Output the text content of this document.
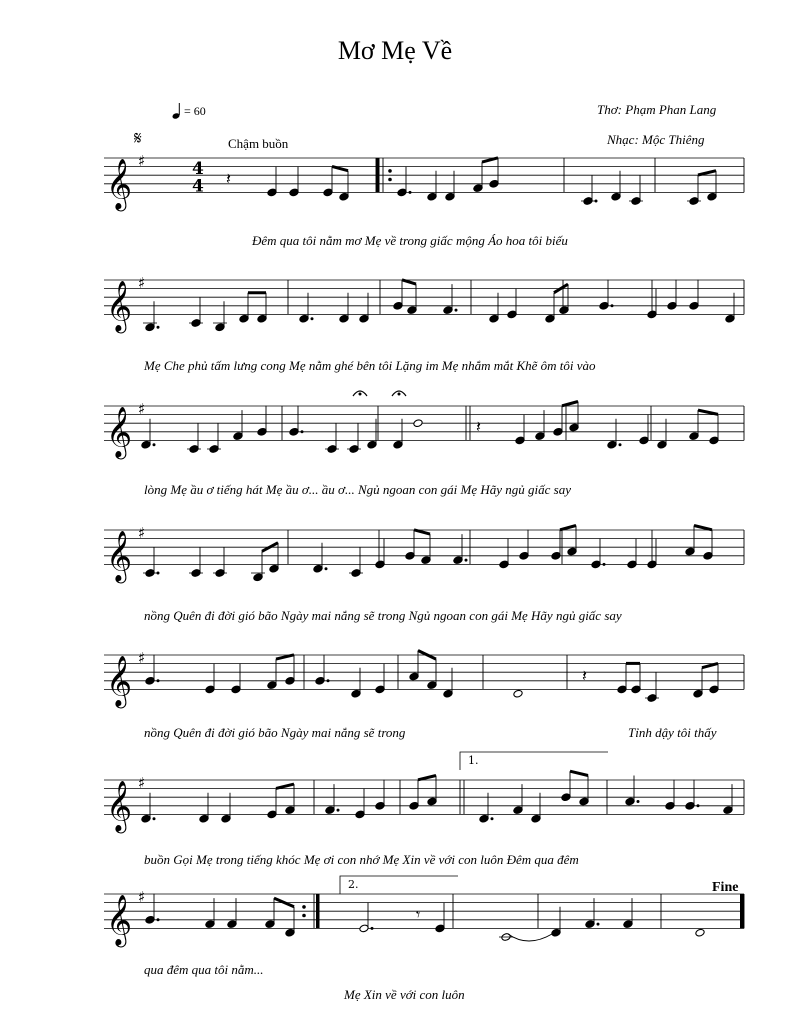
Mơ Mẹ Về
= 60	Thơ: Phạm Phan Lang
Nhạc: Mộc Thiêng
𝄋	Chậm buồn
𝄞 ♯
𝄞 ♯
𝄞 ♯
𝄞 ♯
𝄞 ♯
𝄞 ♯
𝄞 ♯
4
4
1.
2.
𝄽
𝄽
𝄽
𝄾
Đêm qua tôi nằm mơ Mẹ về trong giấc mộng Áo hoa tôi biếu
Mẹ Che phủ tấm lưng cong Mẹ nằm ghé bên tôi Lặng im Mẹ nhắm mắt Khẽ ôm tôi vào
lòng Mẹ ầu ơ tiếng hát Mẹ ầu ơ... ầu ơ... Ngủ ngoan con gái Mẹ Hãy ngủ giấc say
nồng Quên đi đời gió bão Ngày mai nắng sẽ trong Ngủ ngoan con gái Mẹ Hãy ngủ giấc say
nồng Quên đi đời gió bão Ngày mai nắng sẽ trong	Tỉnh dậy tôi thấy
buồn Gọi Mẹ trong tiếng khóc Mẹ ơi con nhớ Mẹ Xin về với con luôn Đêm qua đêm
qua đêm qua tôi nằm...
Mẹ Xin về với con luôn
Fine
